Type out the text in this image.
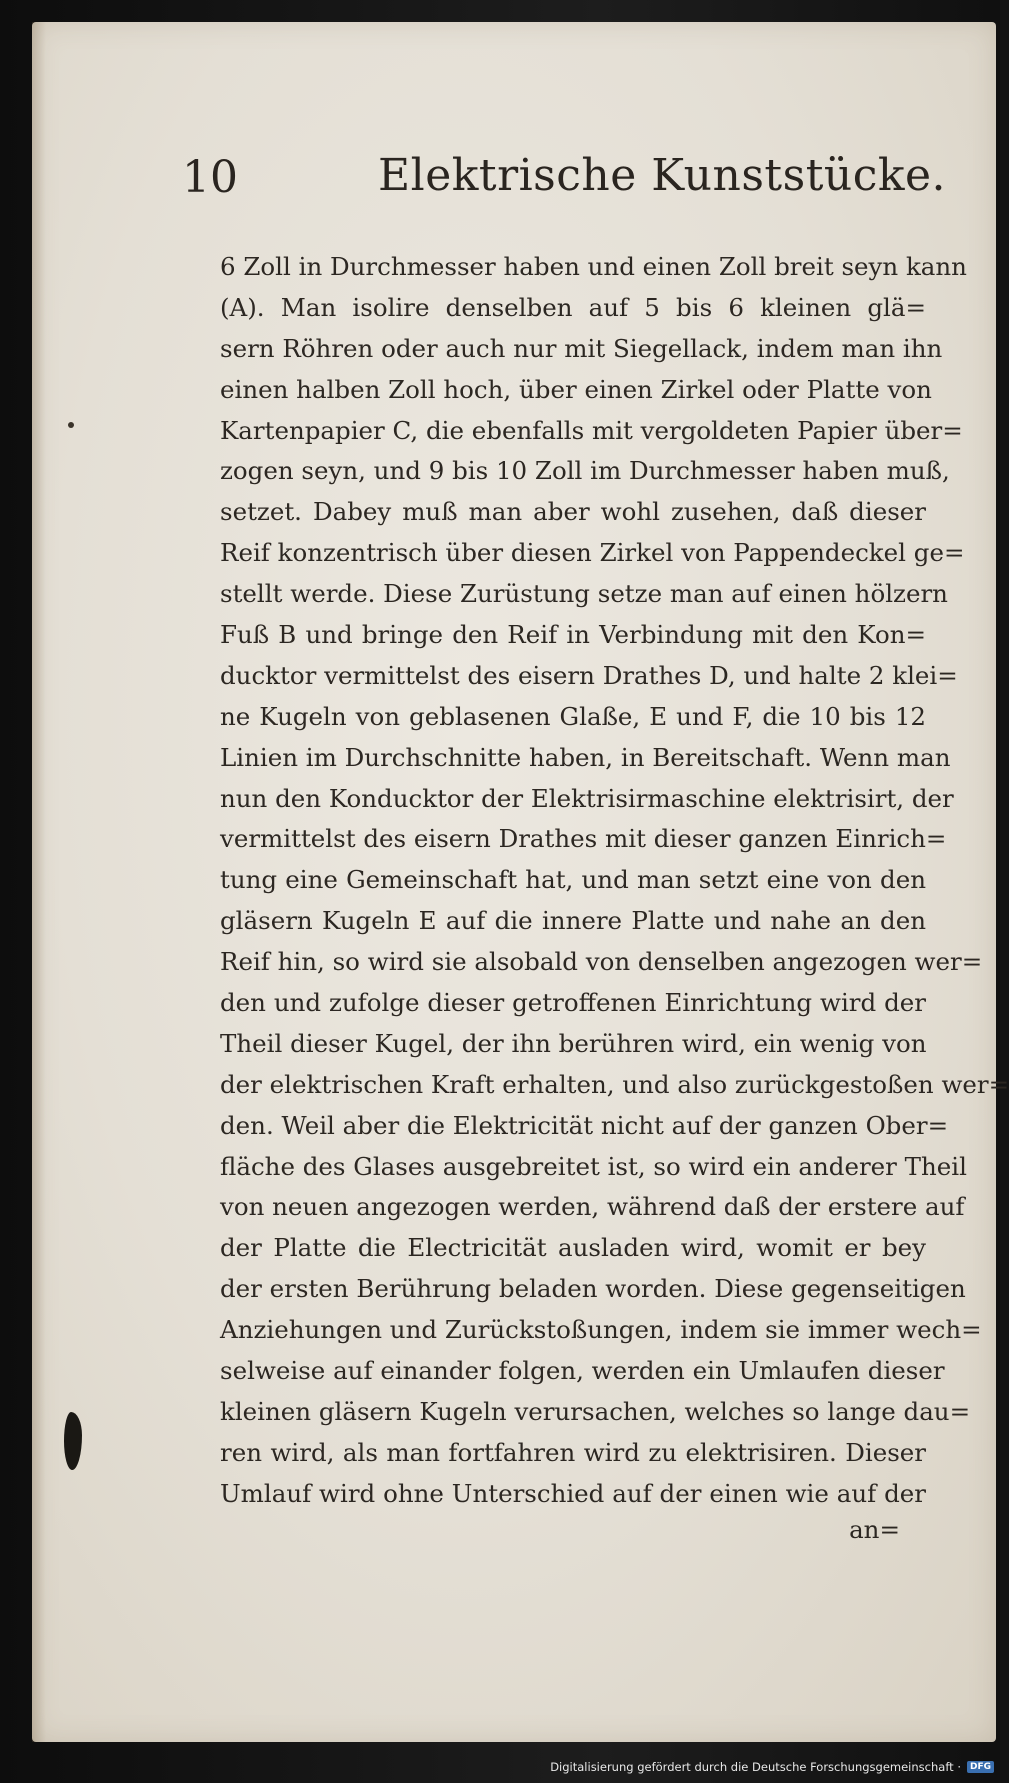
10	Elektrische Kunststücke.
6 Zoll in Durchmesser haben und einen Zoll breit seyn kann
(A). Man isolire denselben auf 5 bis 6 kleinen glä=
sern Röhren oder auch nur mit Siegellack, indem man ihn
einen halben Zoll hoch, über einen Zirkel oder Platte von
Kartenpapier C, die ebenfalls mit vergoldeten Papier über=
zogen seyn, und 9 bis 10 Zoll im Durchmesser haben muß,
setzet. Dabey muß man aber wohl zusehen, daß dieser
Reif konzentrisch über diesen Zirkel von Pappendeckel ge=
stellt werde. Diese Zurüstung setze man auf einen hölzern
Fuß B und bringe den Reif in Verbindung mit den Kon=
ducktor vermittelst des eisern Drathes D, und halte 2 klei=
ne Kugeln von geblasenen Glaße, E und F, die 10 bis 12
Linien im Durchschnitte haben, in Bereitschaft. Wenn man
nun den Konducktor der Elektrisirmaschine elektrisirt, der
vermittelst des eisern Drathes mit dieser ganzen Einrich=
tung eine Gemeinschaft hat, und man setzt eine von den
gläsern Kugeln E auf die innere Platte und nahe an den
Reif hin, so wird sie alsobald von denselben angezogen wer=
den und zufolge dieser getroffenen Einrichtung wird der
Theil dieser Kugel, der ihn berühren wird, ein wenig von
der elektrischen Kraft erhalten, und also zurückgestoßen wer=
den. Weil aber die Elektricität nicht auf der ganzen Ober=
fläche des Glases ausgebreitet ist, so wird ein anderer Theil
von neuen angezogen werden, während daß der erstere auf
der Platte die Electricität ausladen wird, womit er bey
der ersten Berührung beladen worden. Diese gegenseitigen
Anziehungen und Zurückstoßungen, indem sie immer wech=
selweise auf einander folgen, werden ein Umlaufen dieser
kleinen gläsern Kugeln verursachen, welches so lange dau=
ren wird, als man fortfahren wird zu elektrisiren. Dieser
Umlauf wird ohne Unterschied auf der einen wie auf der
an=
Digitalisierung gefördert durch die Deutsche Forschungsgemeinschaft ·	DFG
